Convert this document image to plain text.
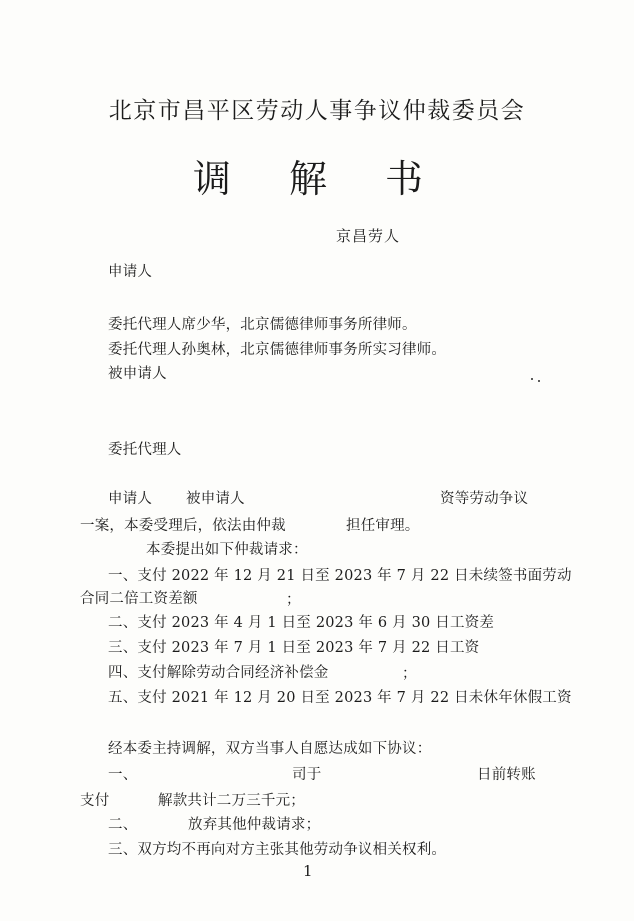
北京市昌平区劳动人事争议仲裁委员会
调解书
京昌劳人
申请人
委托代理人席少华，北京儒德律师事务所律师。
委托代理人孙奥林，北京儒德律师事务所实习律师。
被申请人
委托代理人
申请人 被申请人	资等劳动争议
一案，本委受理后，依法由仲裁	担任审理。
本委提出如下仲裁请求：
一、支付 2022 年 12 月 21 日至 2023 年 7 月 22 日未续签书面劳动
合同二倍工资差额	；
二、支付 2023 年 4 月 1 日至 2023 年 6 月 30 日工资差
三、支付 2023 年 7 月 1 日至 2023 年 7 月 22 日工资
四、支付解除劳动合同经济补偿金	；
五、支付 2021 年 12 月 20 日至 2023 年 7 月 22 日未休年休假工资
经本委主持调解，双方当事人自愿达成如下协议：
一、	司于	日前转账
支付	解款共计二万三千元；
二、	放弃其他仲裁请求；
三、双方均不再向对方主张其他劳动争议相关权利。
1
